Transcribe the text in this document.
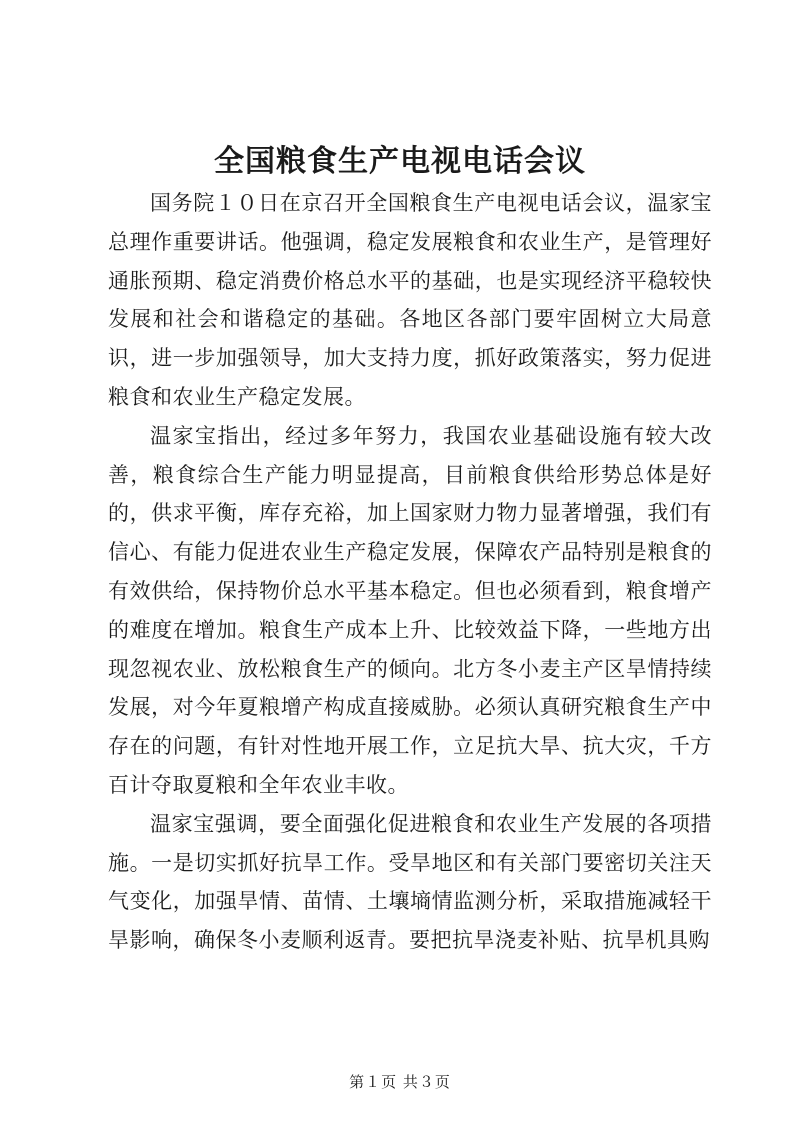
全国粮食生产电视电话会议

国务院１０日在京召开全国粮食生产电视电话会议，温家宝总理作重要讲话。他强调，稳定发展粮食和农业生产，是管理好通胀预期、稳定消费价格总水平的基础，也是实现经济平稳较快发展和社会和谐稳定的基础。各地区各部门要牢固树立大局意识，进一步加强领导，加大支持力度，抓好政策落实，努力促进粮食和农业生产稳定发展。

温家宝指出，经过多年努力，我国农业基础设施有较大改善，粮食综合生产能力明显提高，目前粮食供给形势总体是好的，供求平衡，库存充裕，加上国家财力物力显著增强，我们有信心、有能力促进农业生产稳定发展，保障农产品特别是粮食的有效供给，保持物价总水平基本稳定。但也必须看到，粮食增产的难度在增加。粮食生产成本上升、比较效益下降，一些地方出现忽视农业、放松粮食生产的倾向。北方冬小麦主产区旱情持续发展，对今年夏粮增产构成直接威胁。必须认真研究粮食生产中存在的问题，有针对性地开展工作，立足抗大旱、抗大灾，千方百计夺取夏粮和全年农业丰收。

温家宝强调，要全面强化促进粮食和农业生产发展的各项措施。一是切实抓好抗旱工作。受旱地区和有关部门要密切关注天气变化，加强旱情、苗情、土壤墒情监测分析，采取措施减轻干旱影响，确保冬小麦顺利返青。要把抗旱浇麦补贴、抗旱机具购

第１页 共３页
